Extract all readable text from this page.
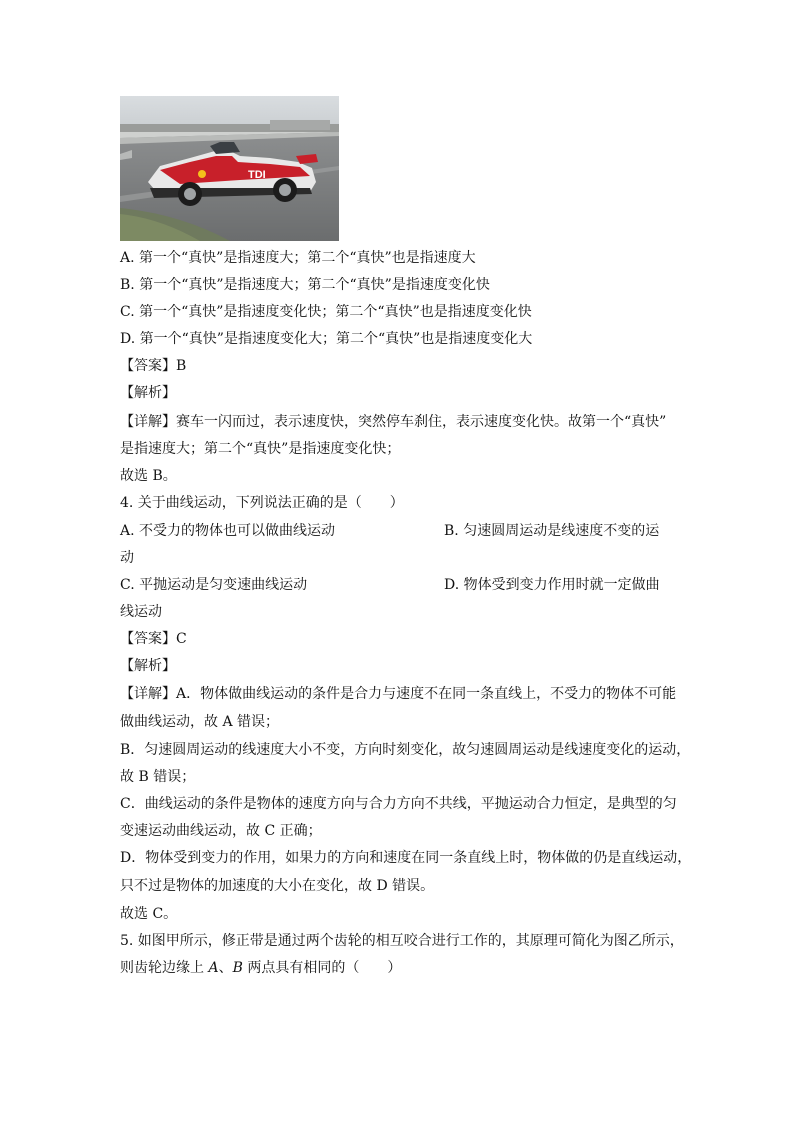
TDI
A. 第一个“真快”是指速度大；第二个“真快”也是指速度大
B. 第一个“真快”是指速度大；第二个“真快”是指速度变化快
C. 第一个“真快”是指速度变化快；第二个“真快”也是指速度变化快
D. 第一个“真快”是指速度变化大；第二个“真快”也是指速度变化大
【答案】B
【解析】
【详解】赛车一闪而过，表示速度快，突然停车刹住，表示速度变化快。故第一个“真快”
是指速度大；第二个“真快”是指速度变化快；
故选 B。
4. 关于曲线运动，下列说法正确的是（　　）
A. 不受力的物体也可以做曲线运动	B. 匀速圆周运动是线速度不变的运
动
C. 平抛运动是匀变速曲线运动	D. 物体受到变力作用时就一定做曲
线运动
【答案】C
【解析】
【详解】A．物体做曲线运动的条件是合力与速度不在同一条直线上，不受力的物体不可能
做曲线运动，故 A 错误；
B．匀速圆周运动的线速度大小不变，方向时刻变化，故匀速圆周运动是线速度变化的运动，
故 B 错误；
C．曲线运动的条件是物体的速度方向与合力方向不共线，平抛运动合力恒定，是典型的匀
变速运动曲线运动，故 C 正确；
D．物体受到变力的作用，如果力的方向和速度在同一条直线上时，物体做的仍是直线运动，
只不过是物体的加速度的大小在变化，故 D 错误。
故选 C。
5. 如图甲所示，修正带是通过两个齿轮的相互咬合进行工作的，其原理可简化为图乙所示，
则齿轮边缘上 A、B 两点具有相同的（　　）
